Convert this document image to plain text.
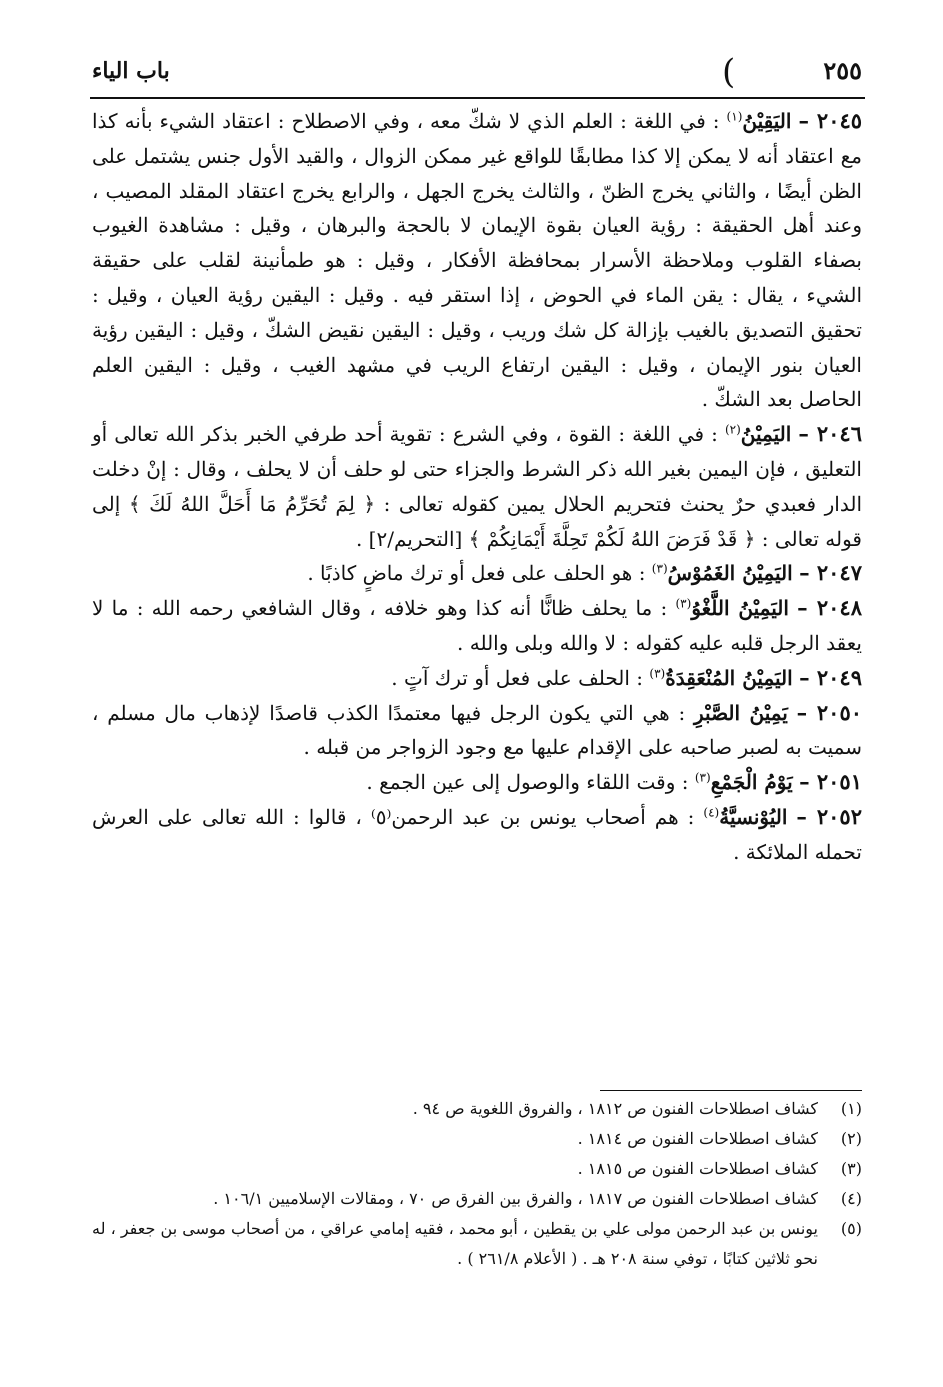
٢٥٥
)
باب الياء

٢٠٤٥ – اليَقِيْنُ$^{(١)}$ : في اللغة : العلم الذي لا شكّ معه ، وفي الاصطلاح : اعتقاد الشيء بأنه كذا مع اعتقاد أنه لا يمكن إلا كذا مطابقًا للواقع غير ممكن الزوال ، والقيد الأول جنس يشتمل على الظن أيضًا ، والثاني يخرج الظنّ ، والثالث يخرج الجهل ، والرابع يخرج اعتقاد المقلد المصيب ، وعند أهل الحقيقة : رؤية العيان بقوة الإيمان لا بالحجة والبرهان ، وقيل : مشاهدة الغيوب بصفاء القلوب وملاحظة الأسرار بمحافظة الأفكار ، وقيل : هو طمأنينة لقلب على حقيقة الشيء ، يقال : يقن الماء في الحوض ، إذا استقر فيه . وقيل : اليقين رؤية العيان ، وقيل : تحقيق التصديق بالغيب بإزالة كل شك وريب ، وقيل : اليقين نقيض الشكّ ، وقيل : اليقين رؤية العيان بنور الإيمان ، وقيل : اليقين ارتفاع الريب في مشهد الغيب ، وقيل : اليقين العلم الحاصل بعد الشكّ .

٢٠٤٦ – اليَمِيْنُ$^{(٢)}$ : في اللغة : القوة ، وفي الشرع : تقوية أحد طرفي الخبر بذكر الله تعالى أو التعليق ، فإن اليمين بغير الله ذكر الشرط والجزاء حتى لو حلف أن لا يحلف ، وقال : إنْ دخلت الدار فعبدي حرٌ يحنث فتحريم الحلال يمين كقوله تعالى : ﴿ لِمَ تُحَرِّمُ مَا أَحَلَّ اللهُ لَكَ ﴾ إلى قوله تعالى : ﴿ قَدْ فَرَضَ اللهُ لَكُمْ تَحِلَّةَ أَيْمَانِكُمْ ﴾ [التحريم/٢] .

٢٠٤٧ – اليَمِيْنُ الغَمُوْسُ$^{(٣)}$ : هو الحلف على فعل أو ترك ماضٍ كاذبًا .

٢٠٤٨ – اليَمِيْنُ اللَّغْوُ$^{(٣)}$ : ما يحلف ظانًّا أنه كذا وهو خلافه ، وقال الشافعي رحمه الله : ما لا يعقد الرجل قلبه عليه كقوله : لا والله وبلى والله .

٢٠٤٩ – اليَمِيْنُ المُنْعَقِدَةُ$^{(٣)}$ : الحلف على فعل أو ترك آتٍ .

٢٠٥٠ – يَمِيْنُ الصَّبْرِ : هي التي يكون الرجل فيها معتمدًا الكذب قاصدًا لإذهاب مال مسلم ، سميت به لصبر صاحبه على الإقدام عليها مع وجود الزواجر من قبله .

٢٠٥١ – يَوْمُ الْجَمْعِ$^{(٣)}$ : وقت اللقاء والوصول إلى عين الجمع .

٢٠٥٢ – اليُوْنسيَّةُ$^{(٤)}$ : هم أصحاب يونس بن عبد الرحمن⁽٥⁾ ، قالوا : الله تعالى على العرش تحمله الملائكة .

(١)
كشاف اصطلاحات الفنون ص ١٨١٢ ، والفروق اللغوية ص ٩٤ .
(٢)
كشاف اصطلاحات الفنون ص ١٨١٤ .
(٣)
كشاف اصطلاحات الفنون ص ١٨١٥ .
(٤)
كشاف اصطلاحات الفنون ص ١٨١٧ ، والفرق بين الفرق ص ٧٠ ، ومقالات الإسلاميين ١٠٦/١ .
(٥)
يونس بن عبد الرحمن مولى علي بن يقطين ، أبو محمد ، فقيه إمامي عراقي ، من أصحاب موسى بن جعفر ، له نحو ثلاثين كتابًا ، توفي سنة ٢٠٨ هـ . ( الأعلام ٢٦١/٨ ) .
